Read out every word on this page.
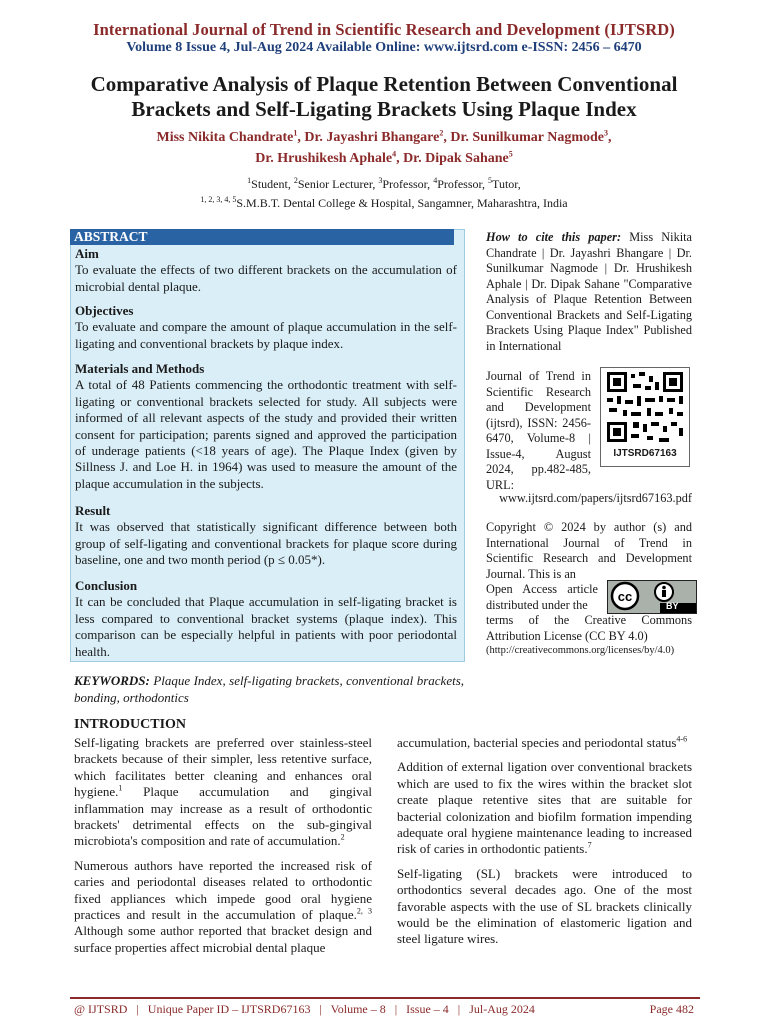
International Journal of Trend in Scientific Research and Development (IJTSRD)
Volume 8 Issue 4, Jul-Aug 2024 Available Online: www.ijtsrd.com e-ISSN: 2456 – 6470
Comparative Analysis of Plaque Retention Between Conventional
Brackets and Self-Ligating Brackets Using Plaque Index
Miss Nikita Chandrate$^1$, Dr. Jayashri Bhangare$^2$, Dr. Sunilkumar Nagmode$^3$,
Dr. Hrushikesh Aphale$^4$, Dr. Dipak Sahane$^5$
$^1$Student, $^2$Senior Lecturer, $^3$Professor, $^4$Professor, $^5$Tutor,
$^{1, 2, 3, 4, 5}$S.M.B.T. Dental College & Hospital, Sangamner, Maharashtra, India
ABSTRACT
Aim

To evaluate the effects of two different brackets on the accumulation of microbial dental plaque.

Objectives

To evaluate and compare the amount of plaque accumulation in the self-ligating and conventional brackets by plaque index.

Materials and Methods

A total of 48 Patients commencing the orthodontic treatment with self- ligating or conventional brackets selected for study. All subjects were informed of all relevant aspects of the study and provided their written consent for participation; parents signed and approved the participation of underage patients (<18 years of age). The Plaque Index (given by Sillness J. and Loe H. in 1964) was used to measure the amount of the plaque accumulation in the subjects.

Result

It was observed that statistically significant difference between both group of self-ligating and conventional brackets for plaque score during baseline, one and two month period (p ≤ 0.05*).

Conclusion

It can be concluded that Plaque accumulation in self-ligating bracket is less compared to conventional bracket systems (plaque index). This comparison can be especially helpful in patients with poor periodontal health.

How to cite this paper: Miss Nikita Chandrate | Dr. Jayashri Bhangare | Dr. Sunilkumar Nagmode | Dr. Hrushikesh Aphale | Dr. Dipak Sahane "Comparative Analysis of Plaque Retention Between Conventional Brackets and Self-Ligating Brackets Using Plaque Index" Published in International
Journal of Trend in Scientific Research and Development (ijtsrd), ISSN: 2456-6470, Volume-8 | Issue-4, August 2024, pp.482-485, URL:
www.ijtsrd.com/papers/ijtsrd67163.pdf
IJTSRD67163
Copyright © 2024 by author (s) and International Journal of Trend in Scientific Research and Development Journal. This is an
Open Access article distributed under the
cc
BY
terms of the Creative Commons Attribution License (CC BY 4.0)
(http://creativecommons.org/licenses/by/4.0)
KEYWORDS: Plaque Index, self-ligating brackets, conventional brackets, bonding, orthodontics
INTRODUCTION

Self-ligating brackets are preferred over stainless-steel brackets because of their simpler, less retentive surface, which facilitates better cleaning and enhances oral hygiene.$^1$ Plaque accumulation and gingival inflammation may increase as a result of orthodontic brackets' detrimental effects on the sub-gingival microbiota's composition and rate of accumulation.$^2$

Numerous authors have reported the increased risk of caries and periodontal diseases related to orthodontic fixed appliances which impede good oral hygiene practices and result in the accumulation of plaque.$^{2, 3}$ Although some author reported that bracket design and surface properties affect microbial dental plaque

accumulation, bacterial species and periodontal status$^{4-6}$

Addition of external ligation over conventional brackets which are used to fix the wires within the bracket slot create plaque retentive sites that are suitable for bacterial colonization and biofilm formation impending adequate oral hygiene maintenance leading to increased risk of caries in orthodontic patients.$^7$

Self-ligating (SL) brackets were introduced to orthodontics several decades ago. One of the most favorable aspects with the use of SL brackets clinically would be the elimination of elastomeric ligation and steel ligature wires.

@ IJTSRD   |   Unique Paper ID – IJTSRD67163   |   Volume – 8   |   Issue – 4   |   Jul-Aug 2024	Page 482
